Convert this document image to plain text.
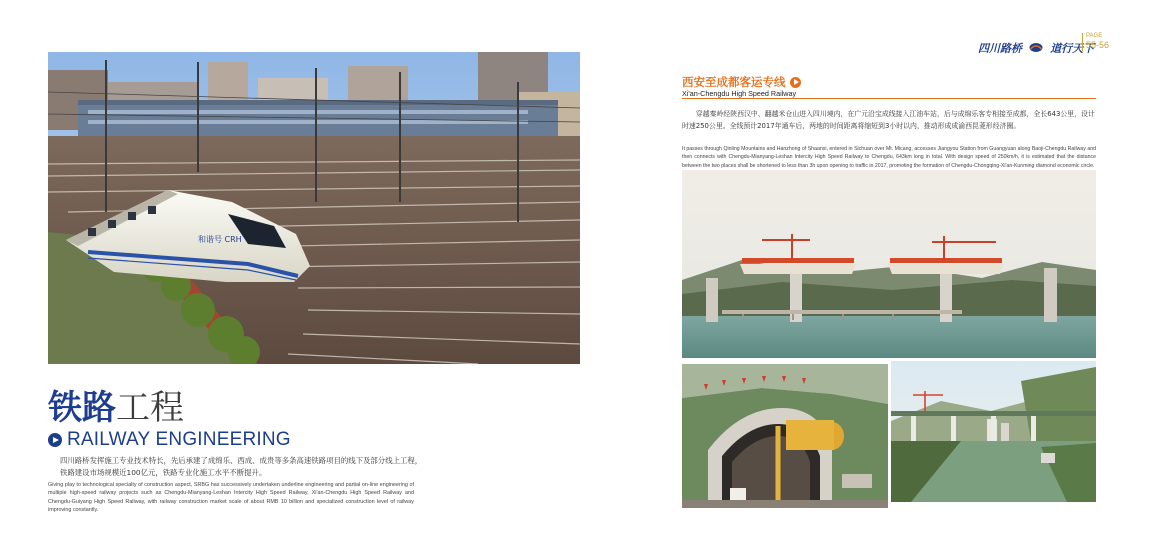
和谐号 CRH
铁路工程
RAILWAY ENGINEERING

四川路桥发挥施工专业技术特长，先后承建了成绵乐、西成、成贵等多条高速铁路项目的线下及部分线上工程，铁路建设市场规模近100亿元，铁路专业化施工水平不断提升。

Giving play to technological specialty of construction aspect, SRBG has successively undertaken underline engineering and partial on-line engineering of multiple high-speed railway projects such as Chengdu-Mianyang-Leshan Intercity High Speed Railway, Xi'an-Chengdu High Speed Railway and Chengdu-Guiyang High Speed Railway, with railway construction market scale of about RMB 10 billion and specialized construction level of railway improving constantly.

四川路桥	道行天下
PAGE
55-56
西安至成都客运专线
Xi'an-Chengdu High Speed Railway

穿越秦岭经陕西汉中、翻越米仓山进入四川境内，在广元沿宝成线接入江油车站，后与成绵乐客专相接至成都，全长643公里，设计时速250公里。全线预计2017年通车后，两地的时间距离将缩短到3小时以内，推动形成成渝西昆菱形经济圈。

It passes through Qinling Mountains and Hanzhong of Shaanxi, entered in Sichuan over Mt. Micang, accesses Jiangyou Station from Guangyuan along Baoji-Chengdu Railway and then connects with Chengdu-Mianyang-Leshan Intercity High Speed Railway to Chengdu, 643km long in total. With design speed of 250km/h, it is estimated that the distance between the two places shall be shortened to less than 3h upon opening to traffic in 2017, promoting the formation of Chengdu-Chongqing-Xi'an-Kunming diamond economic circle.
